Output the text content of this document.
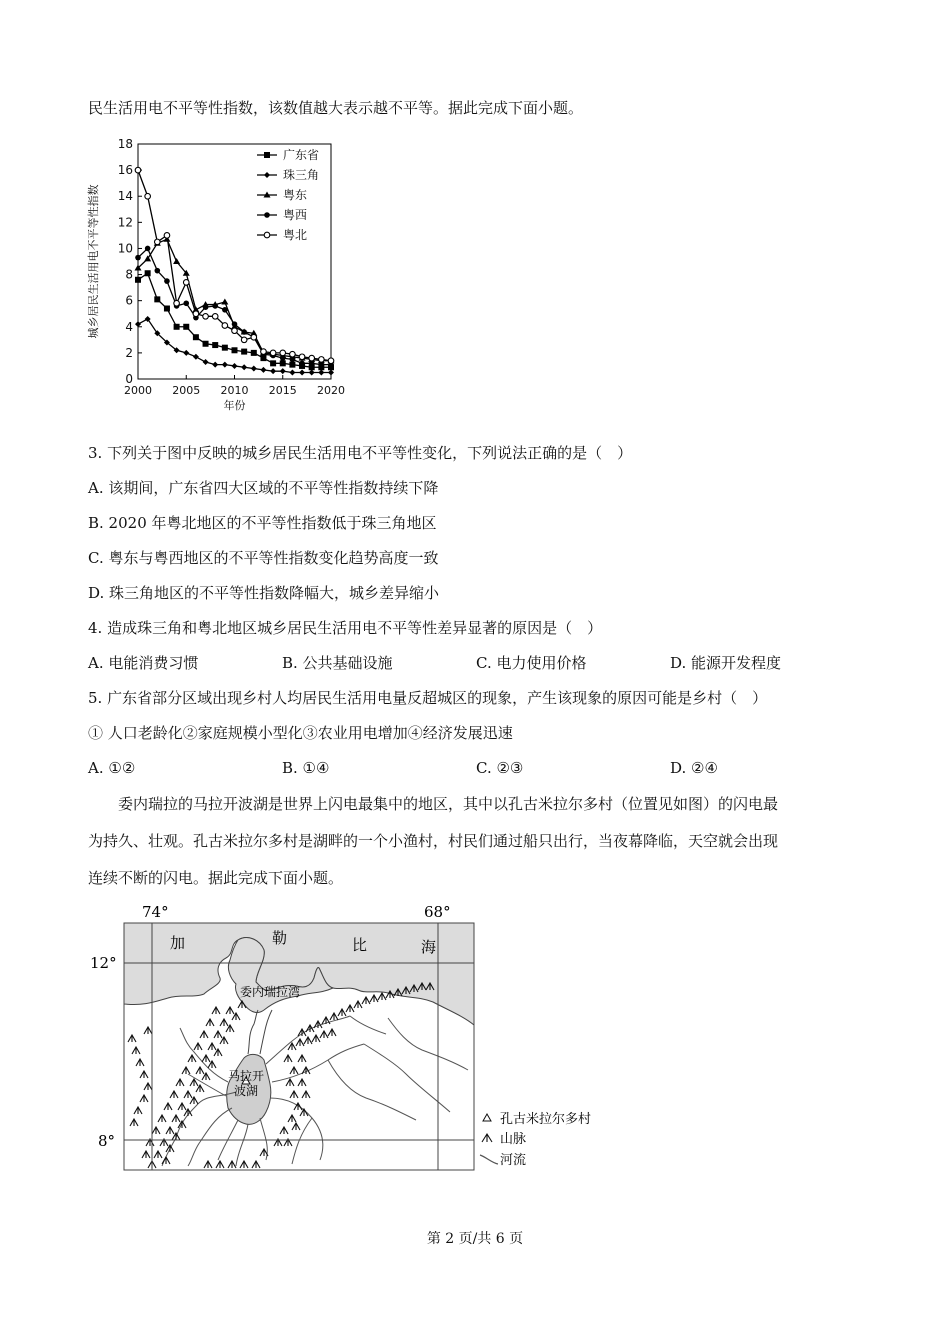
民生活用电不平等性指数，该数值越大表示越不平等。据此完成下面小题。
0
2
4
6
8
10
12
14
16
18
2000 2005 2010 2015 2020
年份
城乡居民生活用电不平等性指数
广东省
珠三角
粤东
粤西
粤北
3. 下列关于图中反映的城乡居民生活用电不平等性变化，下列说法正确的是（　）
A. 该期间，广东省四大区域的不平等性指数持续下降
B. 2020 年粤北地区的不平等性指数低于珠三角地区
C. 粤东与粤西地区的不平等性指数变化趋势高度一致
D. 珠三角地区的不平等性指数降幅大，城乡差异缩小
4. 造成珠三角和粤北地区城乡居民生活用电不平等性差异显著的原因是（　）
A. 电能消费习惯	B. 公共基础设施	C. 电力使用价格	D. 能源开发程度
5. 广东省部分区域出现乡村人均居民生活用电量反超城区的现象，产生该现象的原因可能是乡村（　）
① 人口老龄化②家庭规模小型化③农业用电增加④经济发展迅速
A. ①②	B. ①④	C. ②③	D. ②④
委内瑞拉的马拉开波湖是世界上闪电最集中的地区，其中以孔古米拉尔多村（位置见如图）的闪电最
为持久、壮观。孔古米拉尔多村是湖畔的一个小渔村，村民们通过船只出行，当夜幕降临，天空就会出现
连续不断的闪电。据此完成下面小题。
74°	68°
12°
8°
加	勒	比	海
委内瑞拉湾
马拉开
波湖
孔古米拉尔多村
山脉
河流
第 2 页/共 6 页
